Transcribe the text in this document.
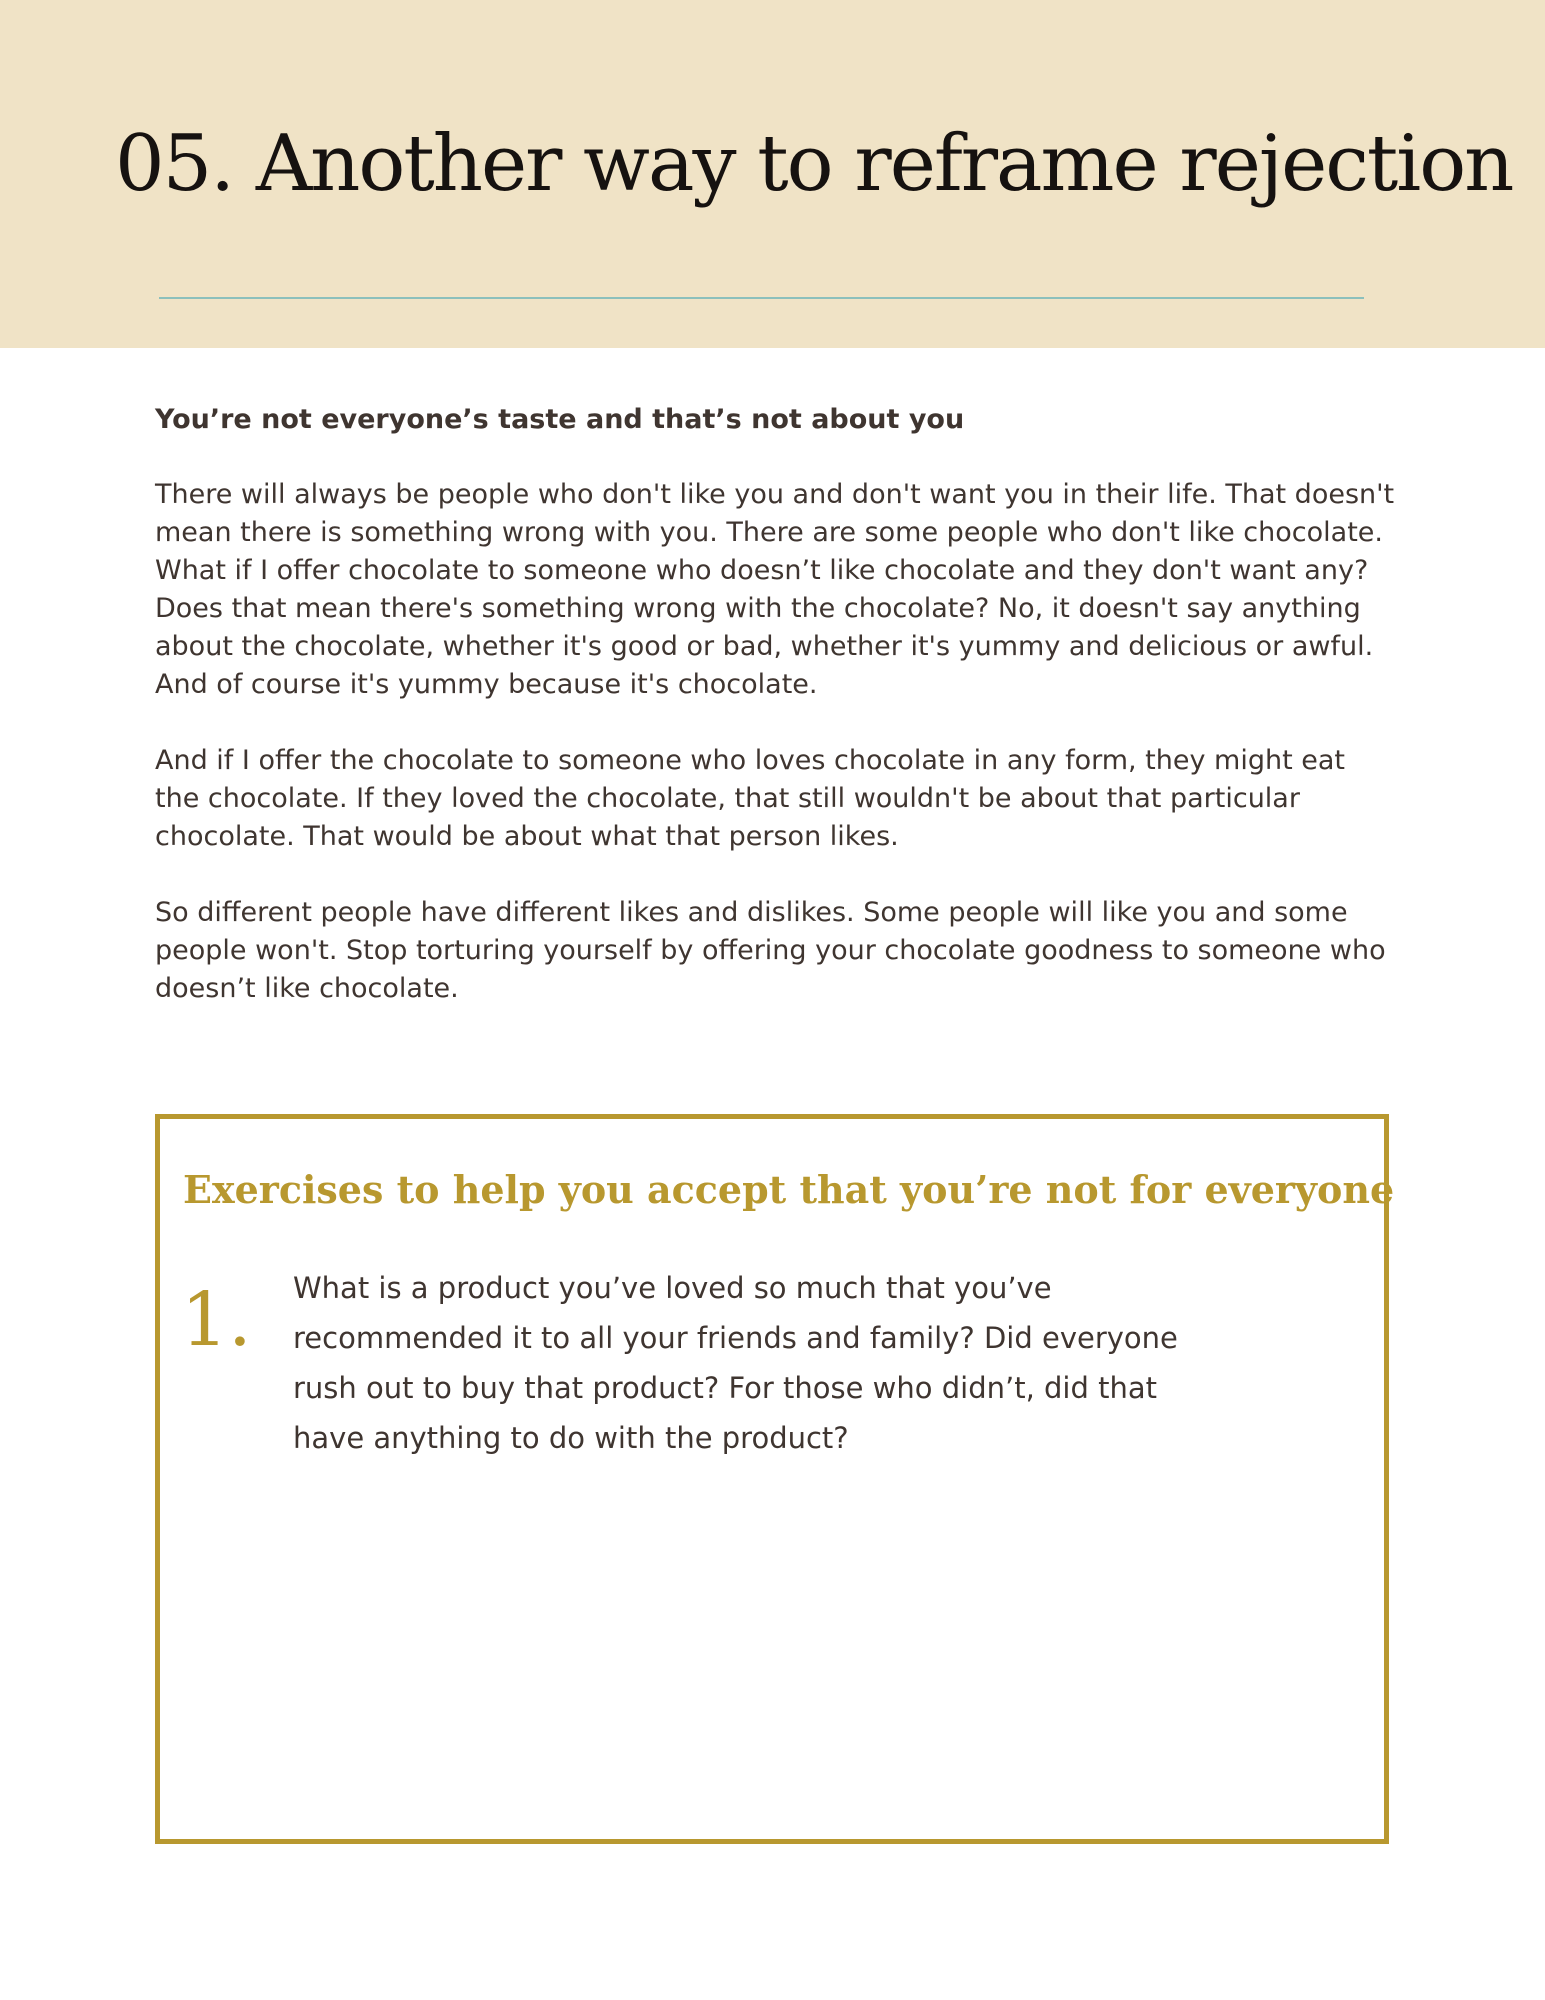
05. Another way to reframe rejection
You’re not everyone’s taste and that’s not about you

There will always be people who don't like you and don't want you in their life. That doesn't mean there is something wrong with you. There are some people who don't like chocolate. What if I offer chocolate to someone who doesn’t like chocolate and they don't want any? Does that mean there's something wrong with the chocolate? No, it doesn't say anything about the chocolate, whether it's good or bad, whether it's yummy and delicious or awful. And of course it's yummy because it's chocolate.

And if I offer the chocolate to someone who loves chocolate in any form, they might eat the chocolate. If they loved the chocolate, that still wouldn't be about that particular chocolate. That would be about what that person likes.

So different people have different likes and dislikes. Some people will like you and some people won't. Stop torturing yourself by offering your chocolate goodness to someone who doesn’t like chocolate.

Exercises to help you accept that you’re not for everyone
1. What is a product you’ve loved so much that you’ve recommended it to all your friends and family? Did everyone rush out to buy that product? For those who didn’t, did that have anything to do with the product?
